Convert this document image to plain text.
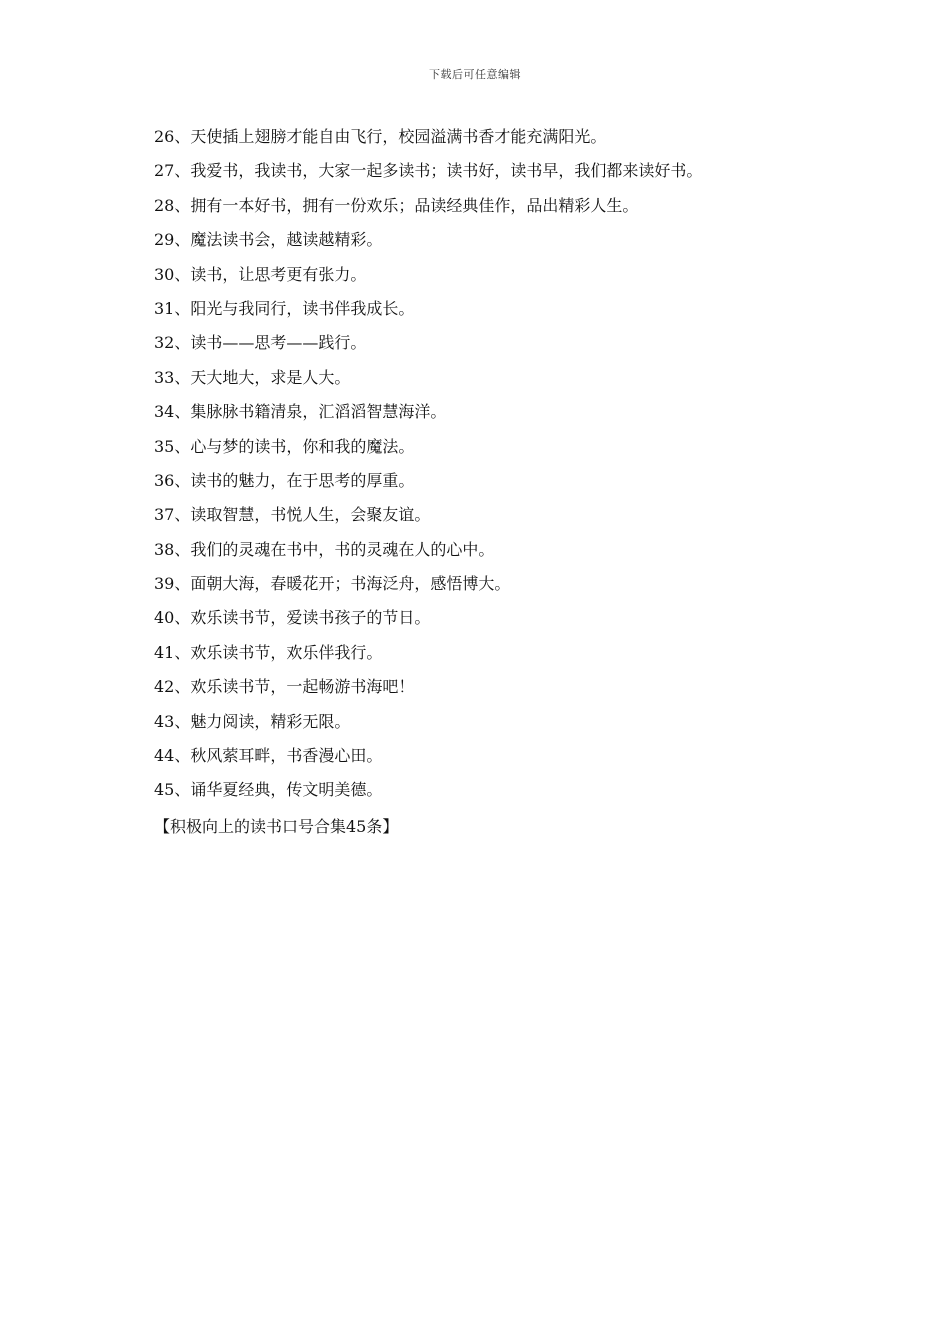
下载后可任意编辑
26、天使插上翅膀才能自由飞行，校园溢满书香才能充满阳光。
27、我爱书，我读书，大家一起多读书；读书好，读书早，我们都来读好书。
28、拥有一本好书，拥有一份欢乐；品读经典佳作，品出精彩人生。
29、魔法读书会，越读越精彩。
30、读书，让思考更有张力。
31、阳光与我同行，读书伴我成长。
32、读书——思考——践行。
33、天大地大，求是人大。
34、集脉脉书籍清泉，汇滔滔智慧海洋。
35、心与梦的读书，你和我的魔法。
36、读书的魅力，在于思考的厚重。
37、读取智慧，书悦人生，会聚友谊。
38、我们的灵魂在书中，书的灵魂在人的心中。
39、面朝大海，春暖花开；书海泛舟，感悟博大。
40、欢乐读书节，爱读书孩子的节日。
41、欢乐读书节，欢乐伴我行。
42、欢乐读书节，一起畅游书海吧！
43、魅力阅读，精彩无限。
44、秋风萦耳畔，书香漫心田。
45、诵华夏经典，传文明美德。
【积极向上的读书口号合集45条】
